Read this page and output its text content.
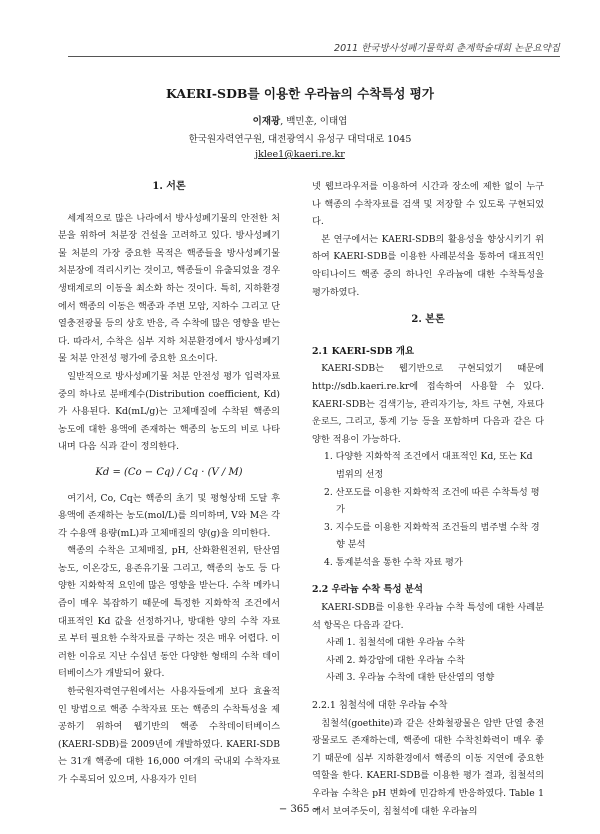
2011 한국방사성폐기물학회 춘계학술대회 논문요약집
KAERI-SDB를 이용한 우라늄의 수착특성 평가
이재광, 백민훈, 이태엽
한국원자력연구원, 대전광역시 유성구 대덕대로 1045
jklee1@kaeri.re.kr
1. 서론

세계적으로 많은 나라에서 방사성폐기물의 안전한 처분을 위하여 처분장 건설을 고려하고 있다. 방사성폐기물 처분의 가장 중요한 목적은 핵종들을 방사성폐기물 처분장에 격리시키는 것이고, 핵종들이 유출되었을 경우 생태계로의 이동을 최소화 하는 것이다. 특히, 지하환경에서 핵종의 이동은 핵종과 주변 모암, 지하수 그리고 단열충전광물 등의 상호 반응, 즉 수착에 많은 영향을 받는다. 따라서, 수착은 심부 지하 처분환경에서 방사성폐기물 처분 안전성 평가에 중요한 요소이다.

일반적으로 방사성폐기물 처분 안전성 평가 입력자료 중의 하나로 분배계수(Distribution coefficient, Kd)가 사용된다. Kd(mL/g)는 고체매질에 수착된 핵종의 농도에 대한 용액에 존재하는 핵종의 농도의 비로 나타내며 다음 식과 같이 정의한다.

Kd = (Co − Cq) / Cq · (V / M)

여기서, Co, Cq는 핵종의 초기 및 평형상태 도달 후 용액에 존재하는 농도(mol/L)를 의미하며, V와 M은 각각 수용액 용량(mL)과 고체매질의 양(g)을 의미한다.

핵종의 수착은 고체매질, pH, 산화환원전위, 탄산염 농도, 이온강도, 용존유기물 그리고, 핵종의 농도 등 다양한 지화학적 요인에 많은 영향을 받는다. 수착 메카니즘이 매우 복잡하기 때문에 특정한 지화학적 조건에서 대표적인 Kd 값을 선정하거나, 방대한 양의 수착 자료로 부터 필요한 수착자료를 구하는 것은 매우 어렵다. 이러한 이유로 지난 수십년 동안 다양한 형태의 수착 데이터베이스가 개발되어 왔다.

한국원자력연구원에서는 사용자들에게 보다 효율적인 방법으로 핵종 수착자료 또는 핵종의 수착특성을 제공하기 위하여 웹기반의 핵종 수착데이터베이스(KAERI-SDB)를 2009년에 개발하였다. KAERI-SDB는 31개 핵종에 대한 16,000 여개의 국내외 수착자료가 수록되어 있으며, 사용자가 인터

넷 웹브라우저를 이용하여 시간과 장소에 제한 없이 누구나 핵종의 수착자료를 검색 및 저장할 수 있도록 구현되었다.

본 연구에서는 KAERI-SDB의 활용성을 향상시키기 위하여 KAERI-SDB를 이용한 사례분석을 통하여 대표적인 악티나이드 핵종 중의 하나인 우라늄에 대한 수착특성을 평가하였다.

2. 본론
2.1 KAERI-SDB 개요

KAERI-SDB는 웹기반으로 구현되었기 때문에 http://sdb.kaeri.re.kr에 접속하여 사용할 수 있다. KAERI-SDB는 검색기능, 관리자기능, 차트 구현, 자료다운로드, 그리고, 통계 기능 등을 포함하며 다음과 같은 다양한 적용이 가능하다.

1. 다양한 지화학적 조건에서 대표적인 Kd, 또는 Kd 범위의 선정
2. 산포도를 이용한 지화학적 조건에 따른 수착특성 평가
3. 지수도를 이용한 지화학적 조건들의 범주별 수착 경향 분석
4. 통계분석을 통한 수착 자료 평가
2.2 우라늄 수착 특성 분석

KAERI-SDB를 이용한 우라늄 수착 특성에 대한 사례분석 항목은 다음과 같다.

사례 1. 침철석에 대한 우라늄 수착
사례 2. 화강암에 대한 우라늄 수착
사례 3. 우라늄 수착에 대한 탄산염의 영향
2.2.1 침철석에 대한 우라늄 수착

침철석(goethite)과 같은 산화철광물은 암반 단열 충전광물로도 존재하는데, 핵종에 대한 수착친화력이 매우 좋기 때문에 심부 지하환경에서 핵종의 이동 지연에 중요한 역할을 한다. KAERI-SDB를 이용한 평가 결과, 침철석의 우라늄 수착은 pH 변화에 민감하게 반응하였다. Table 1에서 보여주듯이, 침철석에 대한 우라늄의

− 365 −
